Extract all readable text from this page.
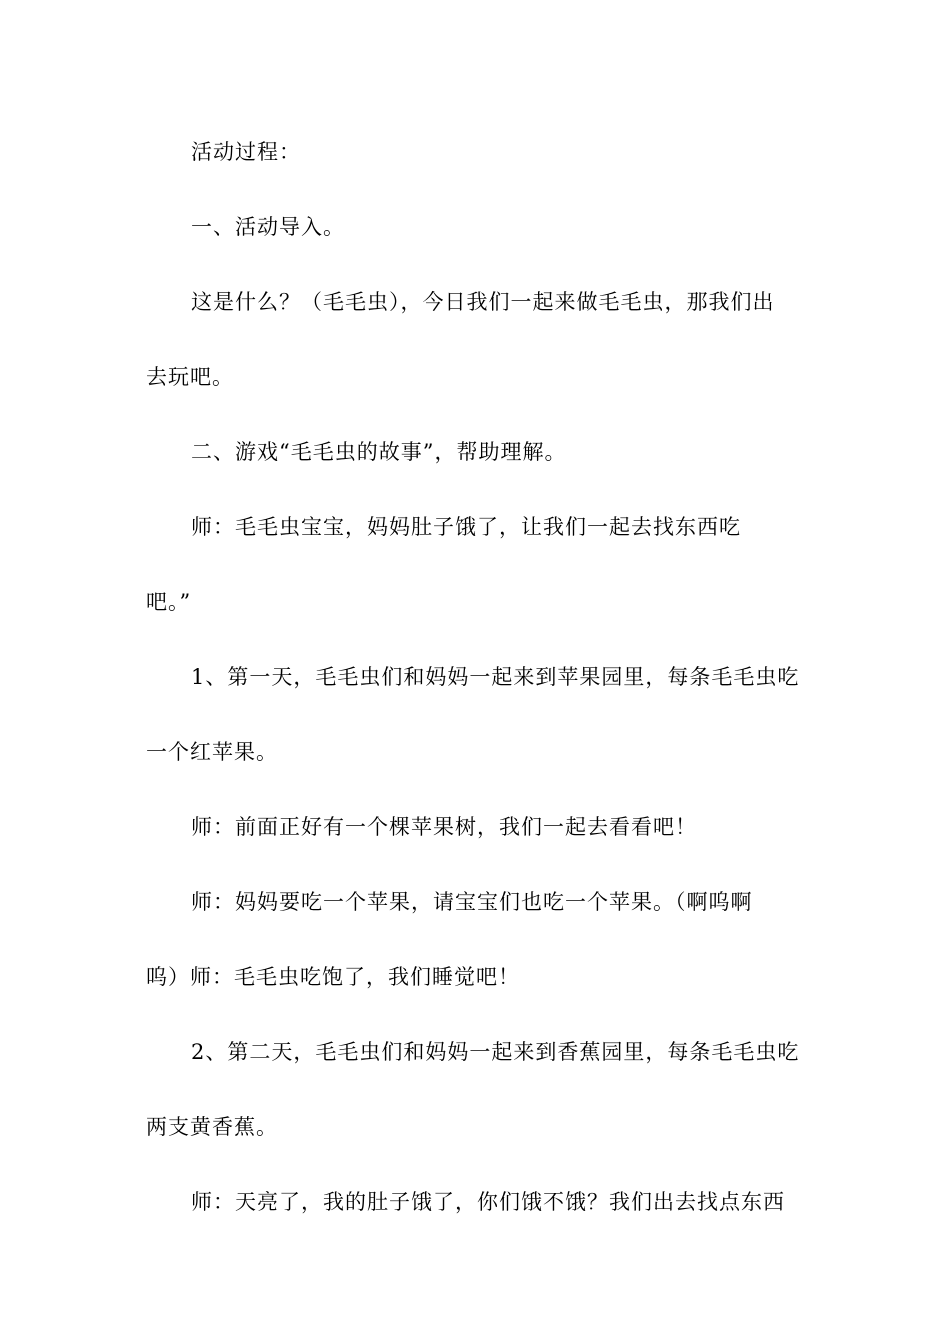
活动过程：
一、活动导入。
这是什么？（毛毛虫），今日我们一起来做毛毛虫，那我们出
去玩吧。
二、游戏“毛毛虫的故事”，帮助理解。
师：毛毛虫宝宝，妈妈肚子饿了，让我们一起去找东西吃
吧。”
1、第一天，毛毛虫们和妈妈一起来到苹果园里，每条毛毛虫吃
一个红苹果。
师：前面正好有一个棵苹果树，我们一起去看看吧！
师：妈妈要吃一个苹果，请宝宝们也吃一个苹果。（啊呜啊
呜）师：毛毛虫吃饱了，我们睡觉吧！
2、第二天，毛毛虫们和妈妈一起来到香蕉园里，每条毛毛虫吃
两支黄香蕉。
师：天亮了，我的肚子饿了，你们饿不饿？我们出去找点东西
